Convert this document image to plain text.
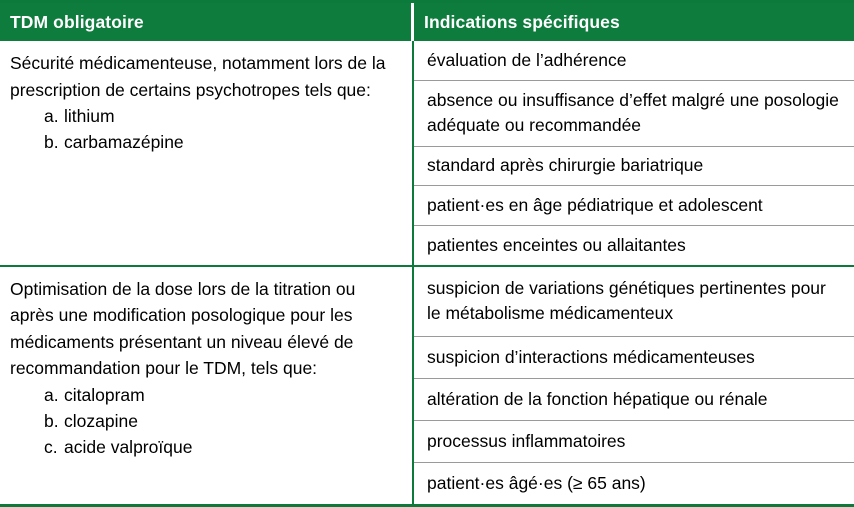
TDM obligatoire	Indications spécifiques
Sécurité médicamenteuse, notamment lors de la prescription de certains psychotropes tels que:
a. lithium
b. carbamazépine
évaluation de l’adhérence
absence ou insuffisance d’effet malgré une posologie adéquate ou recommandée
standard après chirurgie bariatrique
patient·es en âge pédiatrique et adolescent
patientes enceintes ou allaitantes
Optimisation de la dose lors de la titration ou après une modification posologique pour les médicaments présentant un niveau élevé de recommandation pour le TDM, tels que:
a. citalopram
b. clozapine
c. acide valproïque
suspicion de variations génétiques pertinentes pour le métabolisme médicamenteux
suspicion d’interactions médicamenteuses
altération de la fonction hépatique ou rénale
processus inflammatoires
patient·es âgé·es (≥ 65 ans)
